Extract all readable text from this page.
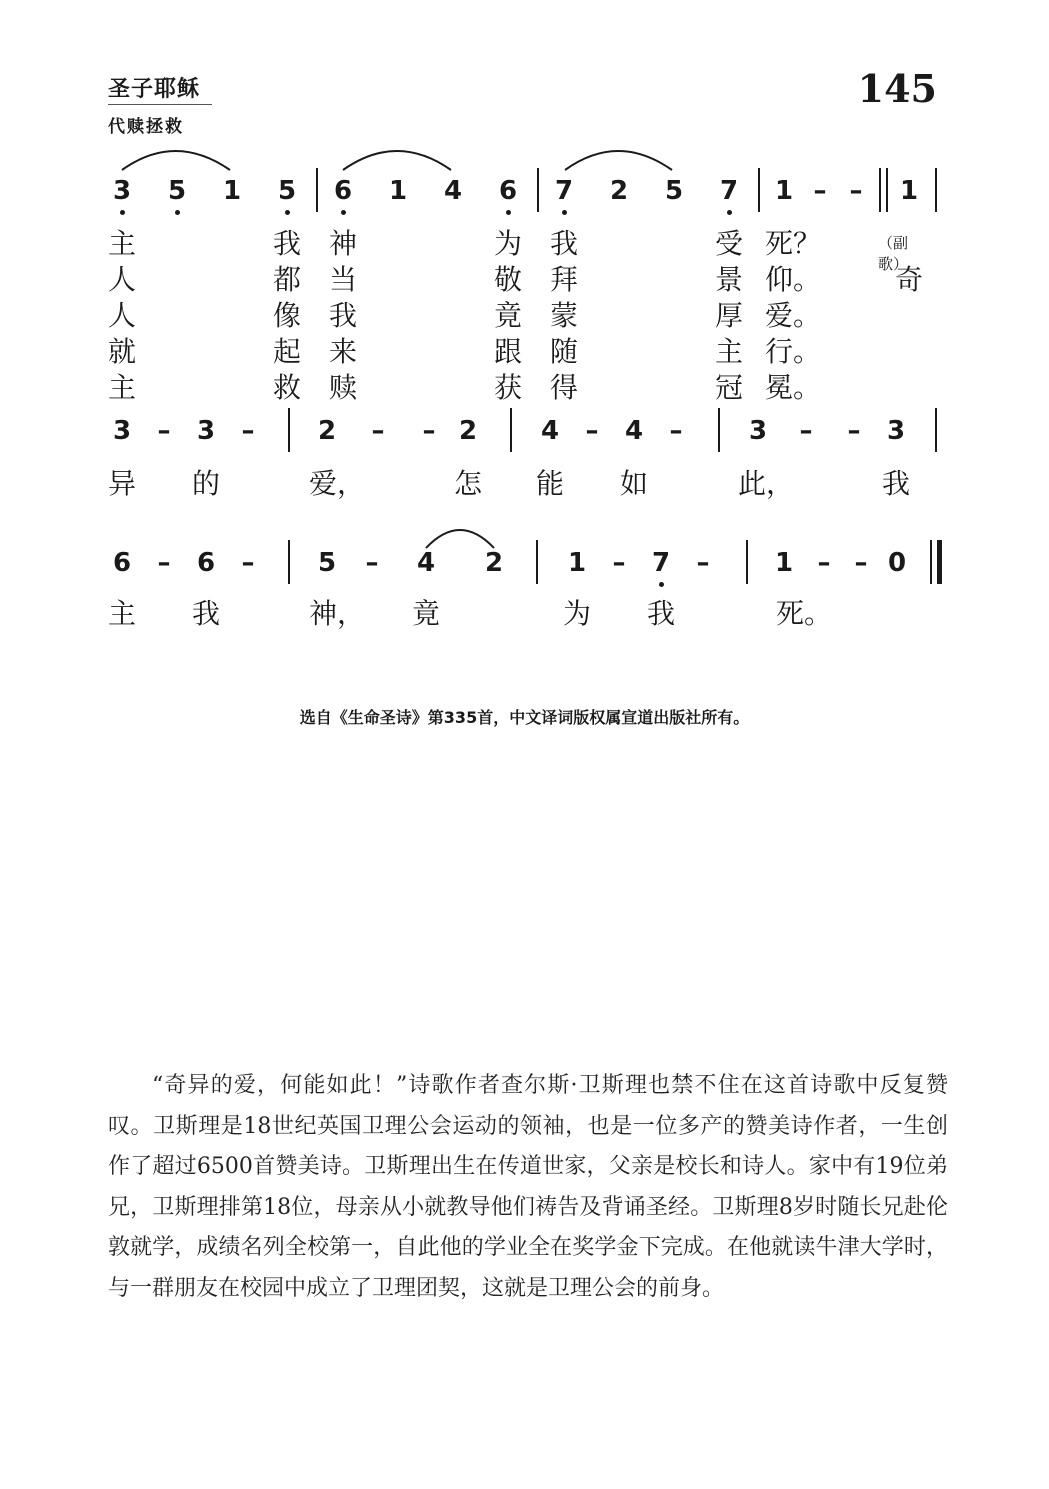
圣子耶稣
代赎拯救
145
3 5 1 5 6 1 4 6 7 2 5 7 1 – –	1
主	我 神	为 我	受 死？	（副歌）
人	都 当	敬 拜	景 仰。	奇
人	像 我	竟 蒙	厚 爱。
就	起 来	跟 随	主 行。
主	救 赎	获 得	冠 冕。
3	–	3	–	2	–	– 2 4	–	4	–	3	–	–	3
异 的	爱，	怎 能 如	此，	我
6	–	6	–	5	–	4 2 1	–	7	–	1 – – 0
主 我	神， 竟	为 我	死。
选自《生命圣诗》第335首，中文译词版权属宣道出版社所有。

“奇异的爱，何能如此！”诗歌作者查尔斯·卫斯理也禁不住在这首诗歌中反复赞叹。卫斯理是18世纪英国卫理公会运动的领袖，也是一位多产的赞美诗作者，一生创作了超过6500首赞美诗。卫斯理出生在传道世家，父亲是校长和诗人。家中有19位弟兄，卫斯理排第18位，母亲从小就教导他们祷告及背诵圣经。卫斯理8岁时随长兄赴伦敦就学，成绩名列全校第一，自此他的学业全在奖学金下完成。在他就读牛津大学时，与一群朋友在校园中成立了卫理团契，这就是卫理公会的前身。
